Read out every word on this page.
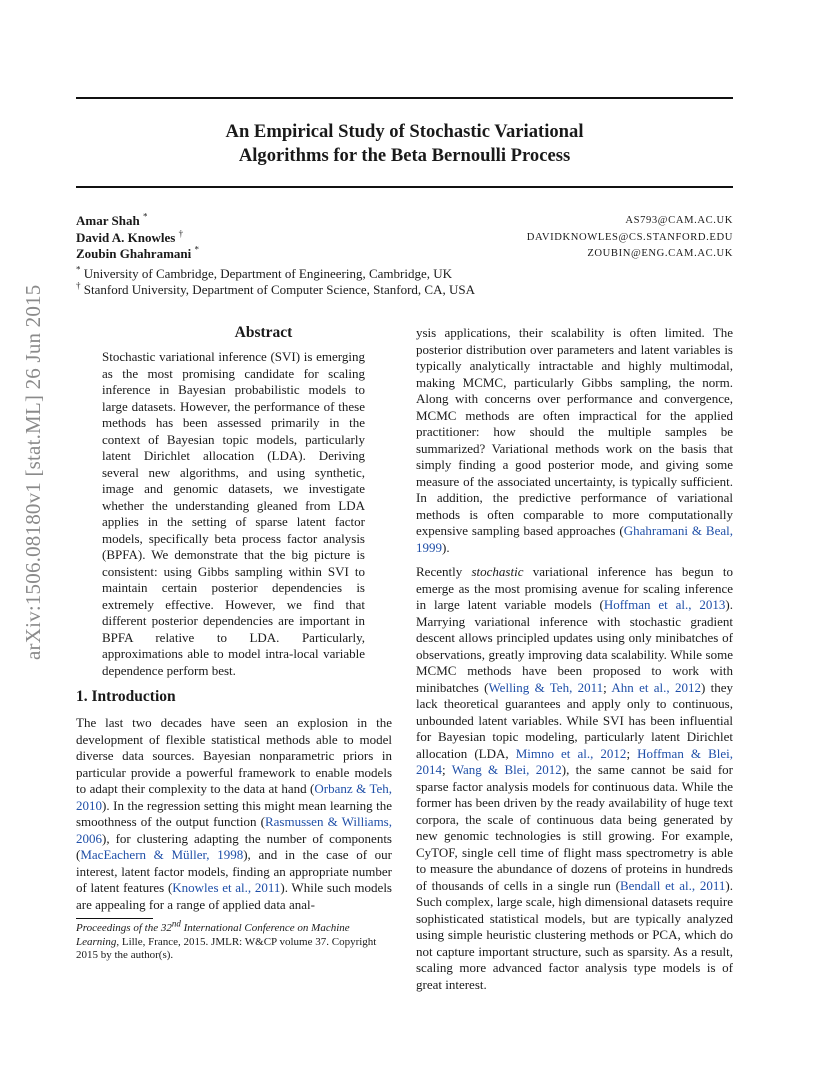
An Empirical Study of Stochastic Variational
Algorithms for the Beta Bernoulli Process
arXiv:1506.08180v1 [stat.ML] 26 Jun 2015
Amar Shah *	AS793@CAM.AC.UK
David A. Knowles †	DAVIDKNOWLES@CS.STANFORD.EDU
Zoubin Ghahramani *	ZOUBIN@ENG.CAM.AC.UK
* University of Cambridge, Department of Engineering, Cambridge, UK
† Stanford University, Department of Computer Science, Stanford, CA, USA
Abstract
Stochastic variational inference (SVI) is emerging as the most promising candidate for scaling inference in Bayesian probabilistic models to large datasets. However, the performance of these methods has been assessed primarily in the context of Bayesian topic models, particularly latent Dirichlet allocation (LDA). Deriving several new algorithms, and using synthetic, image and genomic datasets, we investigate whether the understanding gleaned from LDA applies in the setting of sparse latent factor models, specifically beta process factor analysis (BPFA). We demonstrate that the big picture is consistent: using Gibbs sampling within SVI to maintain certain posterior dependencies is extremely effective. However, we find that different posterior dependencies are important in BPFA relative to LDA. Particularly, approximations able to model intra-local variable dependence perform best.
1. Introduction
The last two decades have seen an explosion in the development of flexible statistical methods able to model diverse data sources. Bayesian nonparametric priors in particular provide a powerful framework to enable models to adapt their complexity to the data at hand (Orbanz & Teh, 2010). In the regression setting this might mean learning the smoothness of the output function (Rasmussen & Williams, 2006), for clustering adapting the number of components (MacEachern & Müller, 1998), and in the case of our interest, latent factor models, finding an appropriate number of latent features (Knowles et al., 2011). While such models are appealing for a range of applied data anal-

ysis applications, their scalability is often limited. The posterior distribution over parameters and latent variables is typically analytically intractable and highly multimodal, making MCMC, particularly Gibbs sampling, the norm. Along with concerns over performance and convergence, MCMC methods are often impractical for the applied practitioner: how should the multiple samples be summarized? Variational methods work on the basis that simply finding a good posterior mode, and giving some measure of the associated uncertainty, is typically sufficient. In addition, the predictive performance of variational methods is often comparable to more computationally expensive sampling based approaches (Ghahramani & Beal, 1999).

Recently stochastic variational inference has begun to emerge as the most promising avenue for scaling inference in large latent variable models (Hoffman et al., 2013). Marrying variational inference with stochastic gradient descent allows principled updates using only minibatches of observations, greatly improving data scalability. While some MCMC methods have been proposed to work with minibatches (Welling & Teh, 2011; Ahn et al., 2012) they lack theoretical guarantees and apply only to continuous, unbounded latent variables. While SVI has been influential for Bayesian topic modeling, particularly latent Dirichlet allocation (LDA, Mimno et al., 2012; Hoffman & Blei, 2014; Wang & Blei, 2012), the same cannot be said for sparse factor analysis models for continuous data. While the former has been driven by the ready availability of huge text corpora, the scale of continuous data being generated by new genomic technologies is still growing. For example, CyTOF, single cell time of flight mass spectrometry is able to measure the abundance of dozens of proteins in hundreds of thousands of cells in a single run (Bendall et al., 2011). Such complex, large scale, high dimensional datasets require sophisticated statistical models, but are typically analyzed using simple heuristic clustering methods or PCA, which do not capture important structure, such as sparsity. As a result, scaling more advanced factor analysis type models is of great interest.

Proceedings of the 32nd International Conference on Machine Learning, Lille, France, 2015. JMLR: W&CP volume 37. Copyright 2015 by the author(s).
